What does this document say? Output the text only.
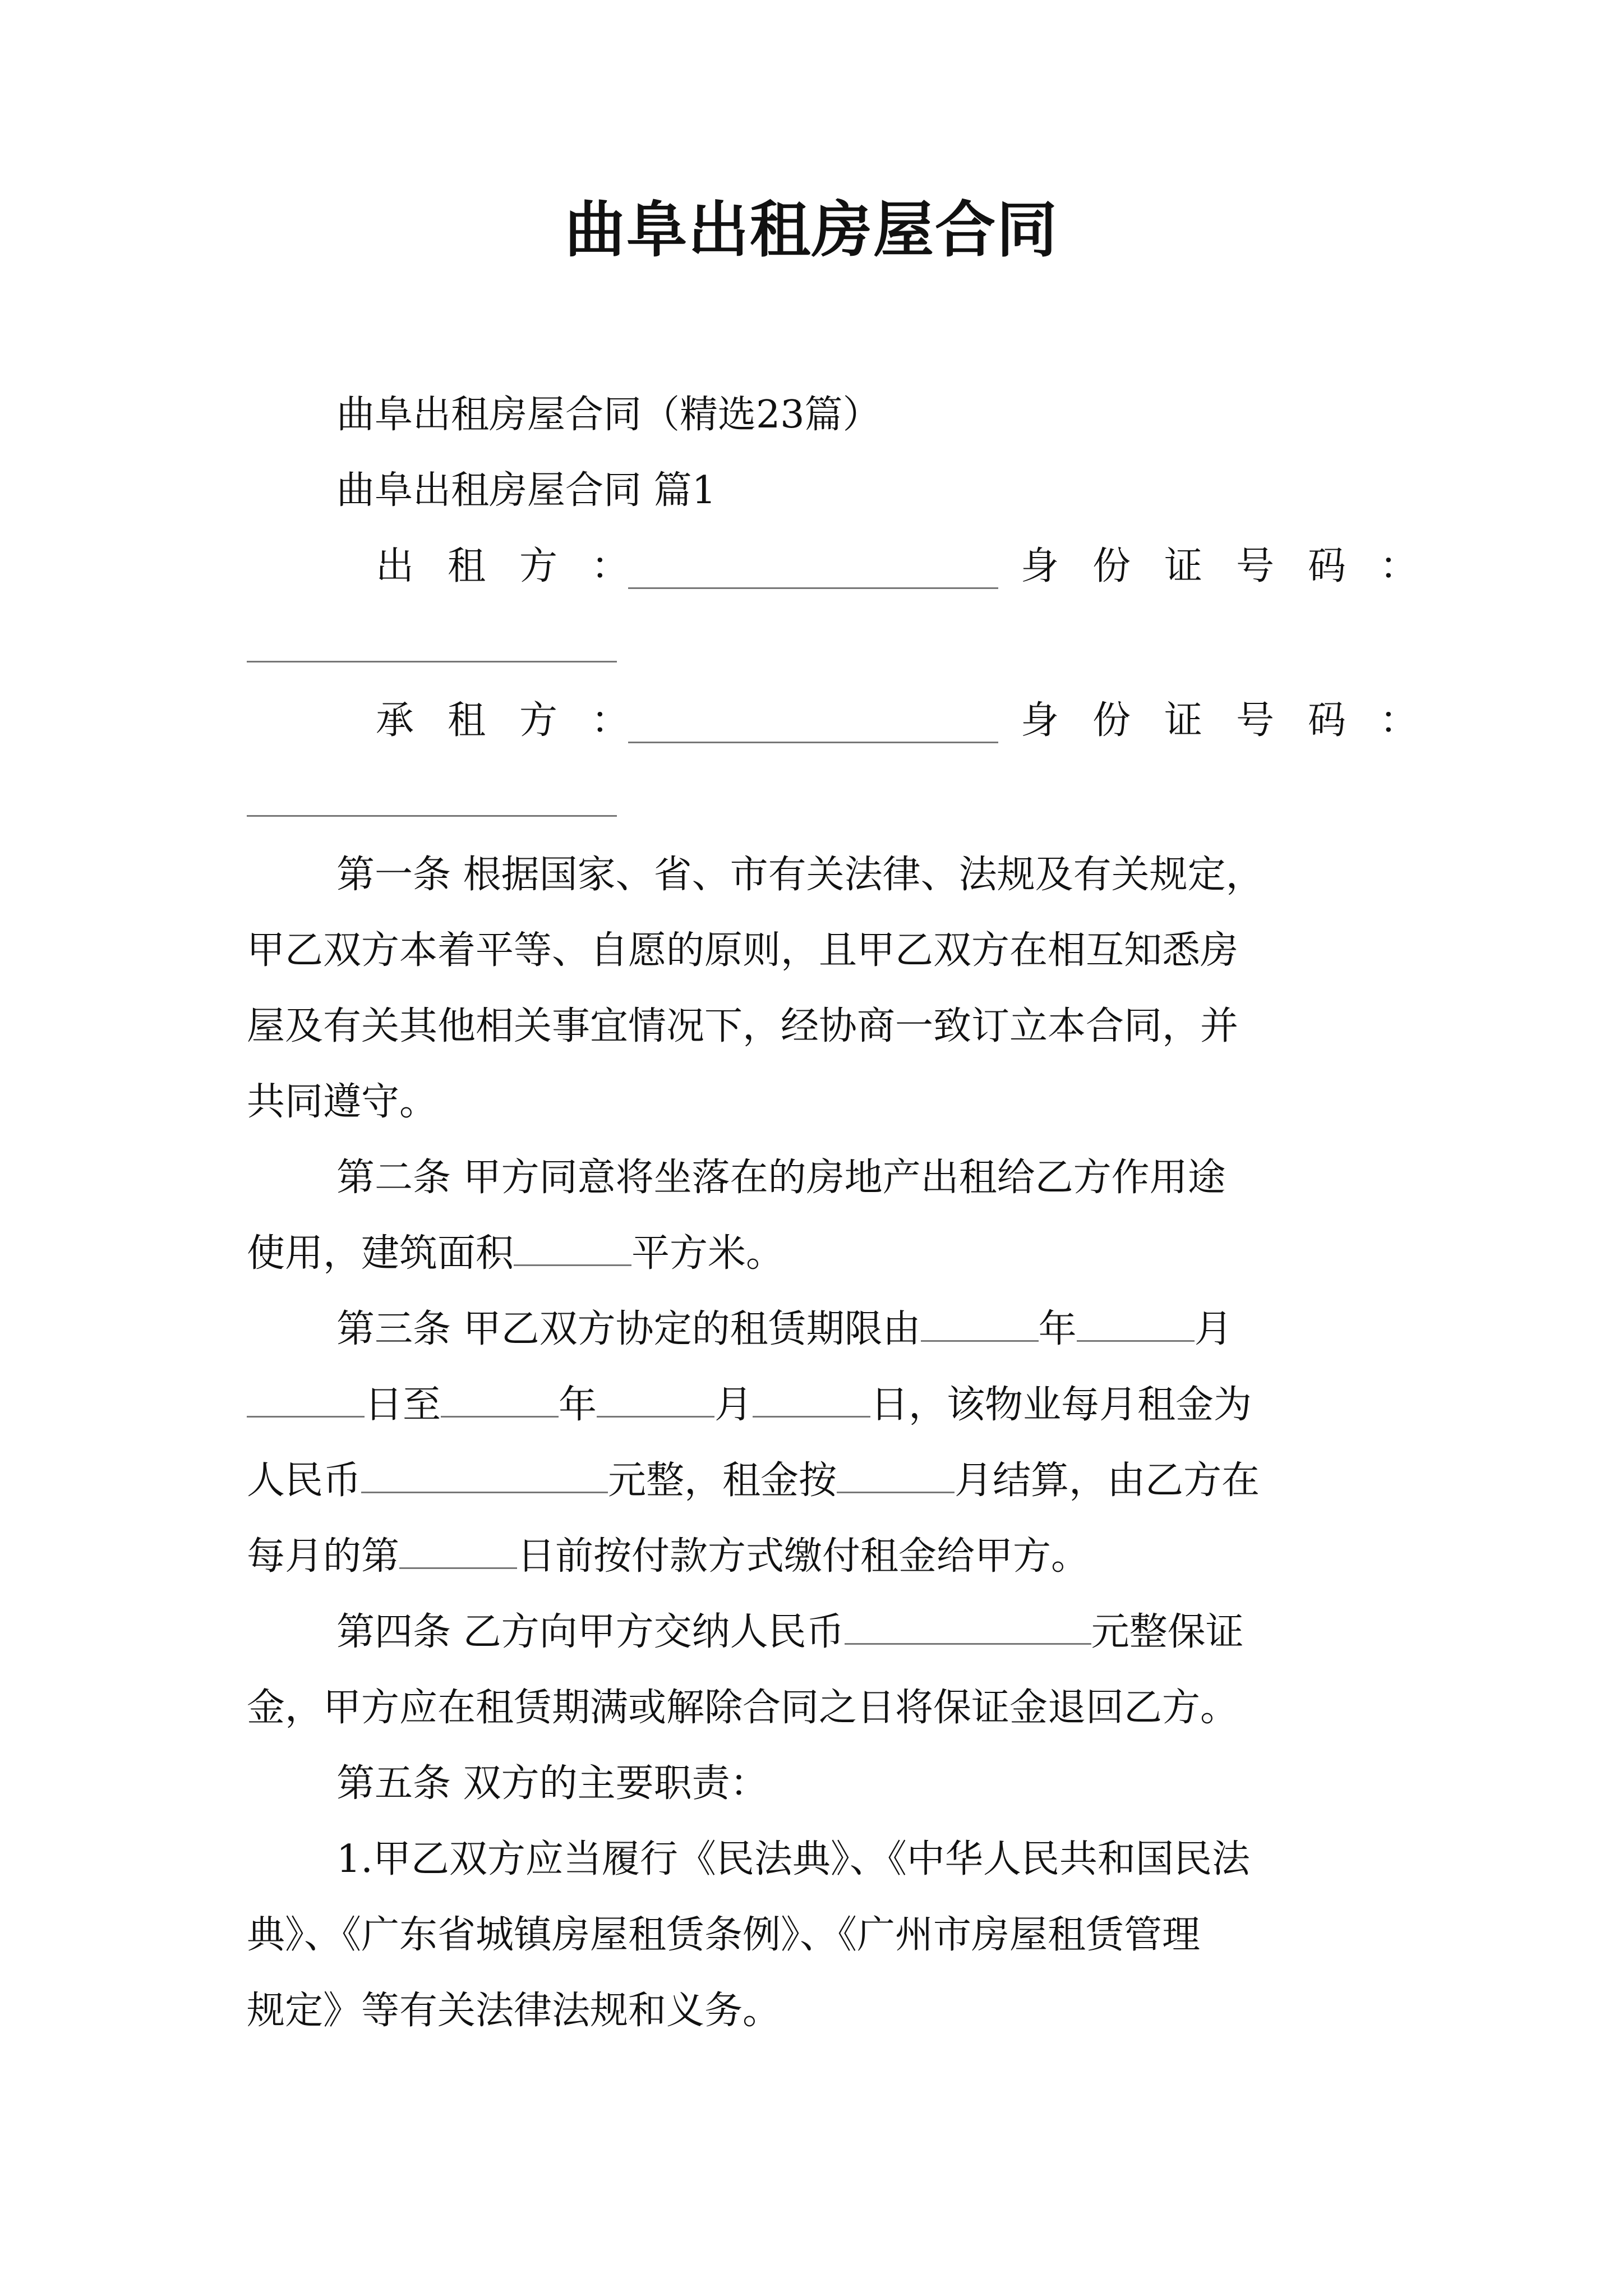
曲阜出租房屋合同
曲阜出租房屋合同（精选23篇）
曲阜出租房屋合同 篇1
出租方：	身份证号码：
承租方：	身份证号码：
第一条 根据国家、省、市有关法律、法规及有关规定，
甲乙双方本着平等、自愿的原则，且甲乙双方在相互知悉房
屋及有关其他相关事宜情况下，经协商一致订立本合同，并
共同遵守。
第二条 甲方同意将坐落在的房地产出租给乙方作用途
使用，建筑面积	平方米。
第三条 甲乙双方协定的租赁期限由	年	月
日至	年	月	日，该物业每月租金为
人民币	元整，租金按	月结算，由乙方在
每月的第	日前按付款方式缴付租金给甲方。
第四条 乙方向甲方交纳人民币	元整保证
金，甲方应在租赁期满或解除合同之日将保证金退回乙方。
第五条 双方的主要职责：
1.甲乙双方应当履行《民法典》、《中华人民共和国民法
典》、《广东省城镇房屋租赁条例》、《广州市房屋租赁管理
规定》等有关法律法规和义务。
